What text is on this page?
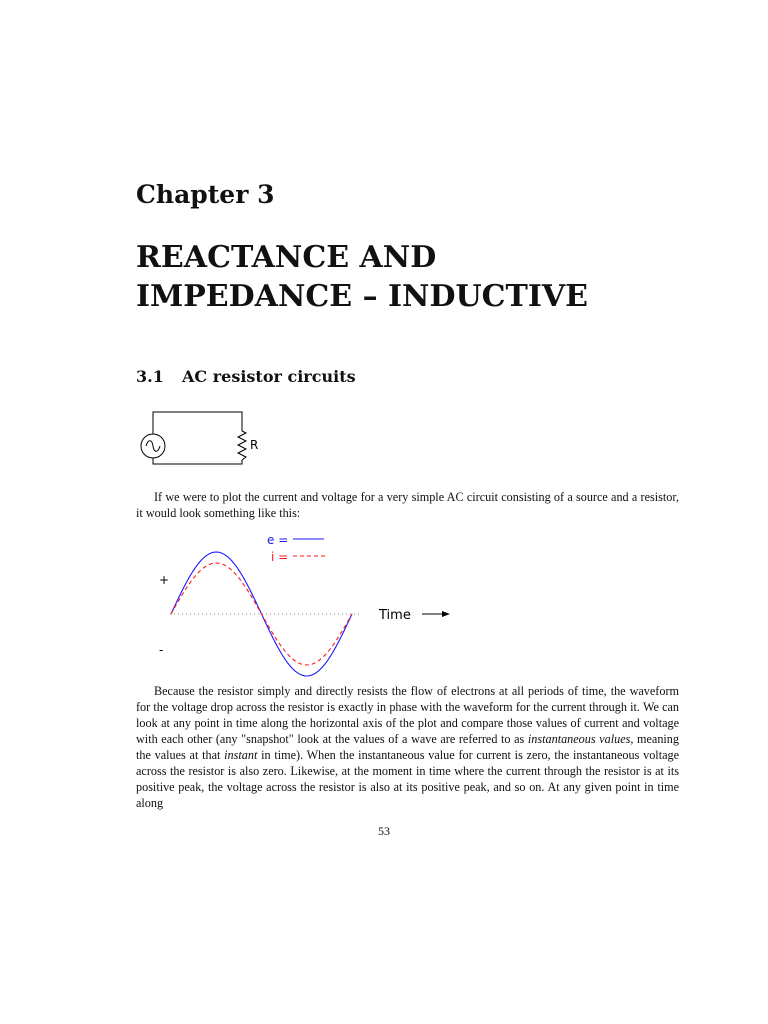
Chapter 3
REACTANCE AND
IMPEDANCE – INDUCTIVE
3.1 AC resistor circuits
R

If we were to plot the current and voltage for a very simple AC circuit consisting of a source and a resistor, it would look something like this:

e =
i =
+
-
Time

Because the resistor simply and directly resists the flow of electrons at all periods of time, the waveform for the voltage drop across the resistor is exactly in phase with the waveform for the current through it. We can look at any point in time along the horizontal axis of the plot and compare those values of current and voltage with each other (any "snapshot" look at the values of a wave are referred to as instantaneous values, meaning the values at that instant in time). When the instantaneous value for current is zero, the instantaneous voltage across the resistor is also zero. Likewise, at the moment in time where the current through the resistor is at its positive peak, the voltage across the resistor is also at its positive peak, and so on. At any given point in time along

53
